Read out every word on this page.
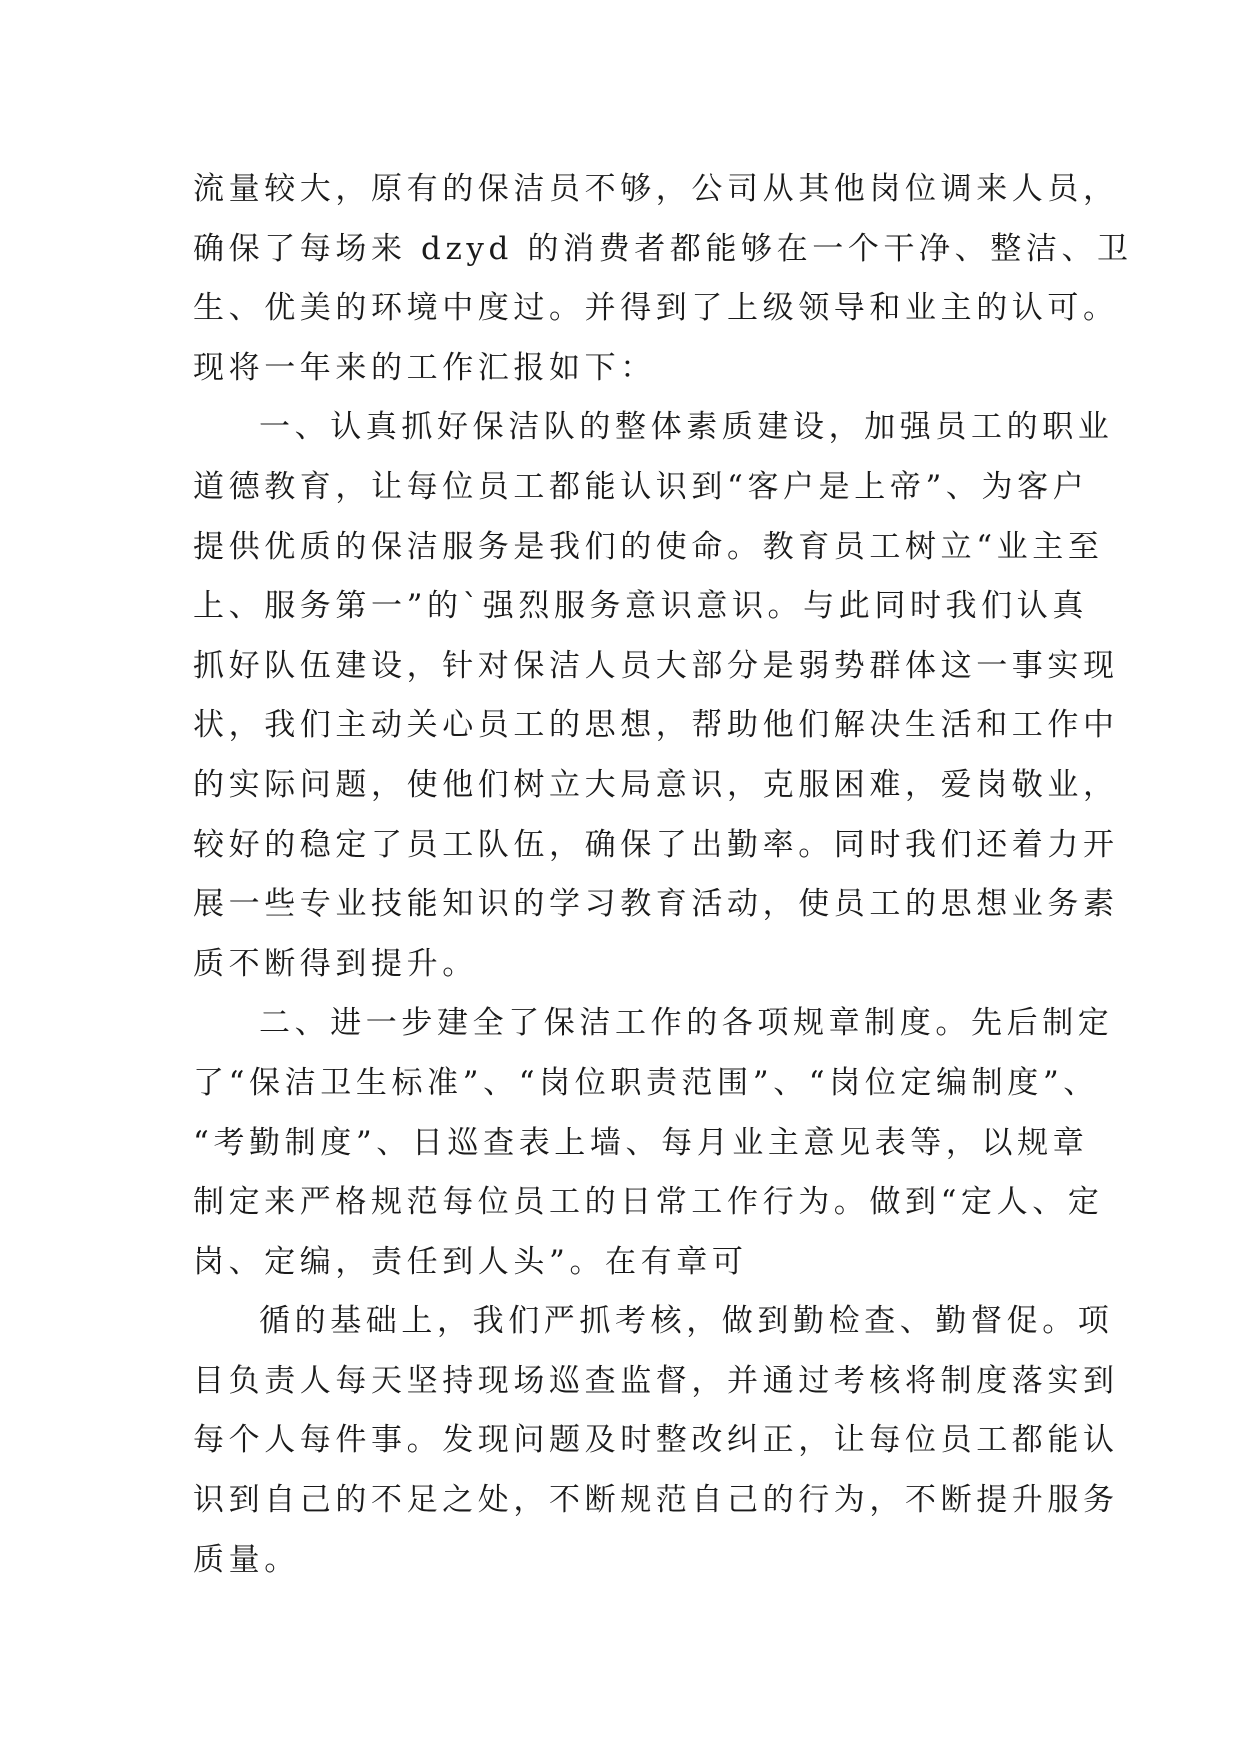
流量较大，原有的保洁员不够，公司从其他岗位调来人员，
确保了每场来 dzyd 的消费者都能够在一个干净、整洁、卫
生、优美的环境中度过。并得到了上级领导和业主的认可。
现将一年来的工作汇报如下：
一、认真抓好保洁队的整体素质建设，加强员工的职业
道德教育，让每位员工都能认识到“客户是上帝”、为客户
提供优质的保洁服务是我们的使命。教育员工树立“业主至
上、服务第一”的`强烈服务意识意识。与此同时我们认真
抓好队伍建设，针对保洁人员大部分是弱势群体这一事实现
状，我们主动关心员工的思想，帮助他们解决生活和工作中
的实际问题，使他们树立大局意识，克服困难，爱岗敬业，
较好的稳定了员工队伍，确保了出勤率。同时我们还着力开
展一些专业技能知识的学习教育活动，使员工的思想业务素
质不断得到提升。
二、进一步建全了保洁工作的各项规章制度。先后制定
了“保洁卫生标准”、“岗位职责范围”、“岗位定编制度”、
“考勤制度”、日巡查表上墙、每月业主意见表等，以规章
制定来严格规范每位员工的日常工作行为。做到“定人、定
岗、定编，责任到人头”。在有章可
循的基础上，我们严抓考核，做到勤检查、勤督促。项
目负责人每天坚持现场巡查监督，并通过考核将制度落实到
每个人每件事。发现问题及时整改纠正，让每位员工都能认
识到自己的不足之处，不断规范自己的行为，不断提升服务
质量。
